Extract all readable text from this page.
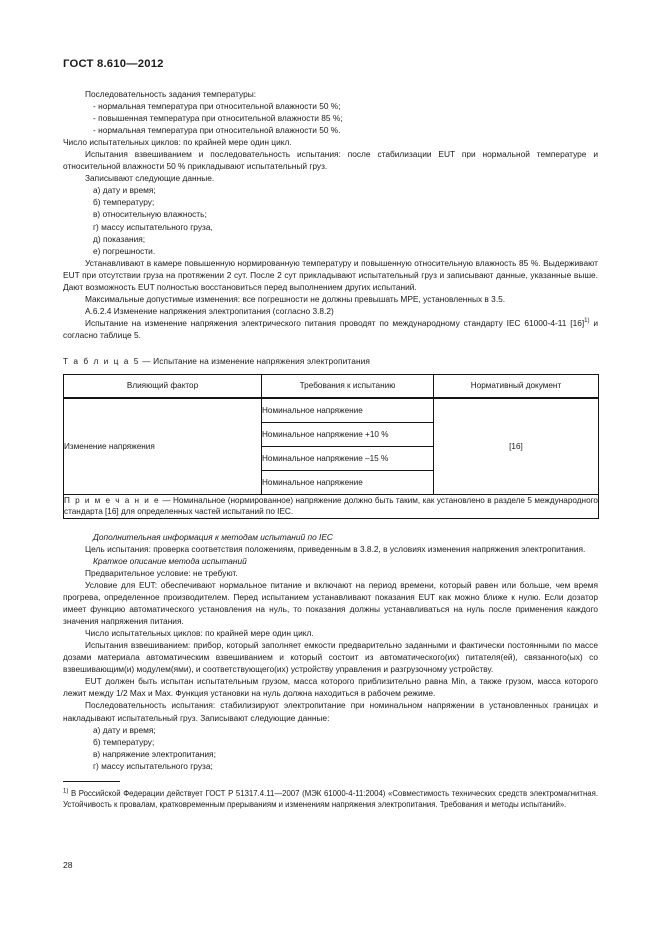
ГОСТ 8.610—2012

Последовательность задания температуры:

- нормальная температура при относительной влажности 50 %;

- повышенная температура при относительной влажности 85 %;

- нормальная температура при относительной влажности 50 %.

Число испытательных циклов: по крайней мере один цикл.

Испытания взвешиванием и последовательность испытания: после стабилизации EUT при нормальной температуре и относительной влажности 50 % прикладывают испытательный груз.

Записывают следующие данные.

а) дату и время;

б) температуру;

в) относительную влажность;

г) массу испытательного груза,

д) показания;

е) погрешности.

Устанавливают в камере повышенную нормированную температуру и повышенную относительную влажность 85 %. Выдерживают EUT при отсутствии груза на протяжении 2 сут. После 2 сут прикладывают испытательный груз и записывают данные, указанные выше. Дают возможность EUT полностью восстановиться перед выполнением других испытаний.

Максимальные допустимые изменения: все погрешности не должны превышать MPE, установленных в 3.5.

А.6.2.4 Изменение напряжения электропитания (согласно 3.8.2)

Испытание на изменение напряжения электрического питания проводят по международному стандарту IEC 61000-4-11 $[16]^{1)}$ и согласно таблице 5.

Т а б л и ц а 5 — Испытание на изменение напряжения электропитания

Влияющий фактор	Требования к испытанию	Нормативный документ
Изменение напряжения	Номинальное напряжение	[16]
	Номинальное напряжение +10 %	
	Номинальное напряжение –15 %	
	Номинальное напряжение	
П р и м е ч а н и е — Номинальное (нормированное) напряжение должно быть таким, как установлено в разделе 5 международного стандарта [16] для определенных частей испытаний по IEC.		

Дополнительная информация к методам испытаний по IEC

Цель испытания: проверка соответствия положениям, приведенным в 3.8.2, в условиях изменения напряжения электропитания.

Краткое описание метода испытаний

Предварительное условие: не требуют.

Условие для EUT: обеспечивают нормальное питание и включают на период времени, который равен или больше, чем время прогрева, определенное производителем. Перед испытанием устанавливают показания EUT как можно ближе к нулю. Если дозатор имеет функцию автоматического установления на нуль, то показания должны устанавливаться на нуль после применения каждого значения напряжения питания.

Число испытательных циклов: по крайней мере один цикл.

Испытания взвешиванием: прибор, который заполняет емкости предварительно заданными и фактически постоянными по массе дозами материала автоматическим взвешиванием и который состоит из автоматического(их) питателя(ей), связанного(ых) со взвешивающим(и) модулем(ями), и соответствующего(их) устройству управления и разгрузочному устройству.

EUT должен быть испытан испытательным грузом, масса которого приблизительно равна Min, а также грузом, масса которого лежит между 1/2 Max и Max. Функция установки на нуль должна находиться в рабочем режиме.

Последовательность испытания: стабилизируют электропитание при номинальном напряжении в установленных границах и накладывают испытательный груз. Записывают следующие данные:

а) дату и время;

б) температуру;

в) напряжение электропитания;

г) массу испытательного груза;

$^{1)}$ В Российской Федерации действует ГОСТ Р 51317.4.11—2007 (МЭК 61000-4-11:2004) «Совместимость технических средств электромагнитная. Устойчивость к провалам, кратковременным прерываниям и изменениям напряжения электропитания. Требования и методы испытаний».

28
